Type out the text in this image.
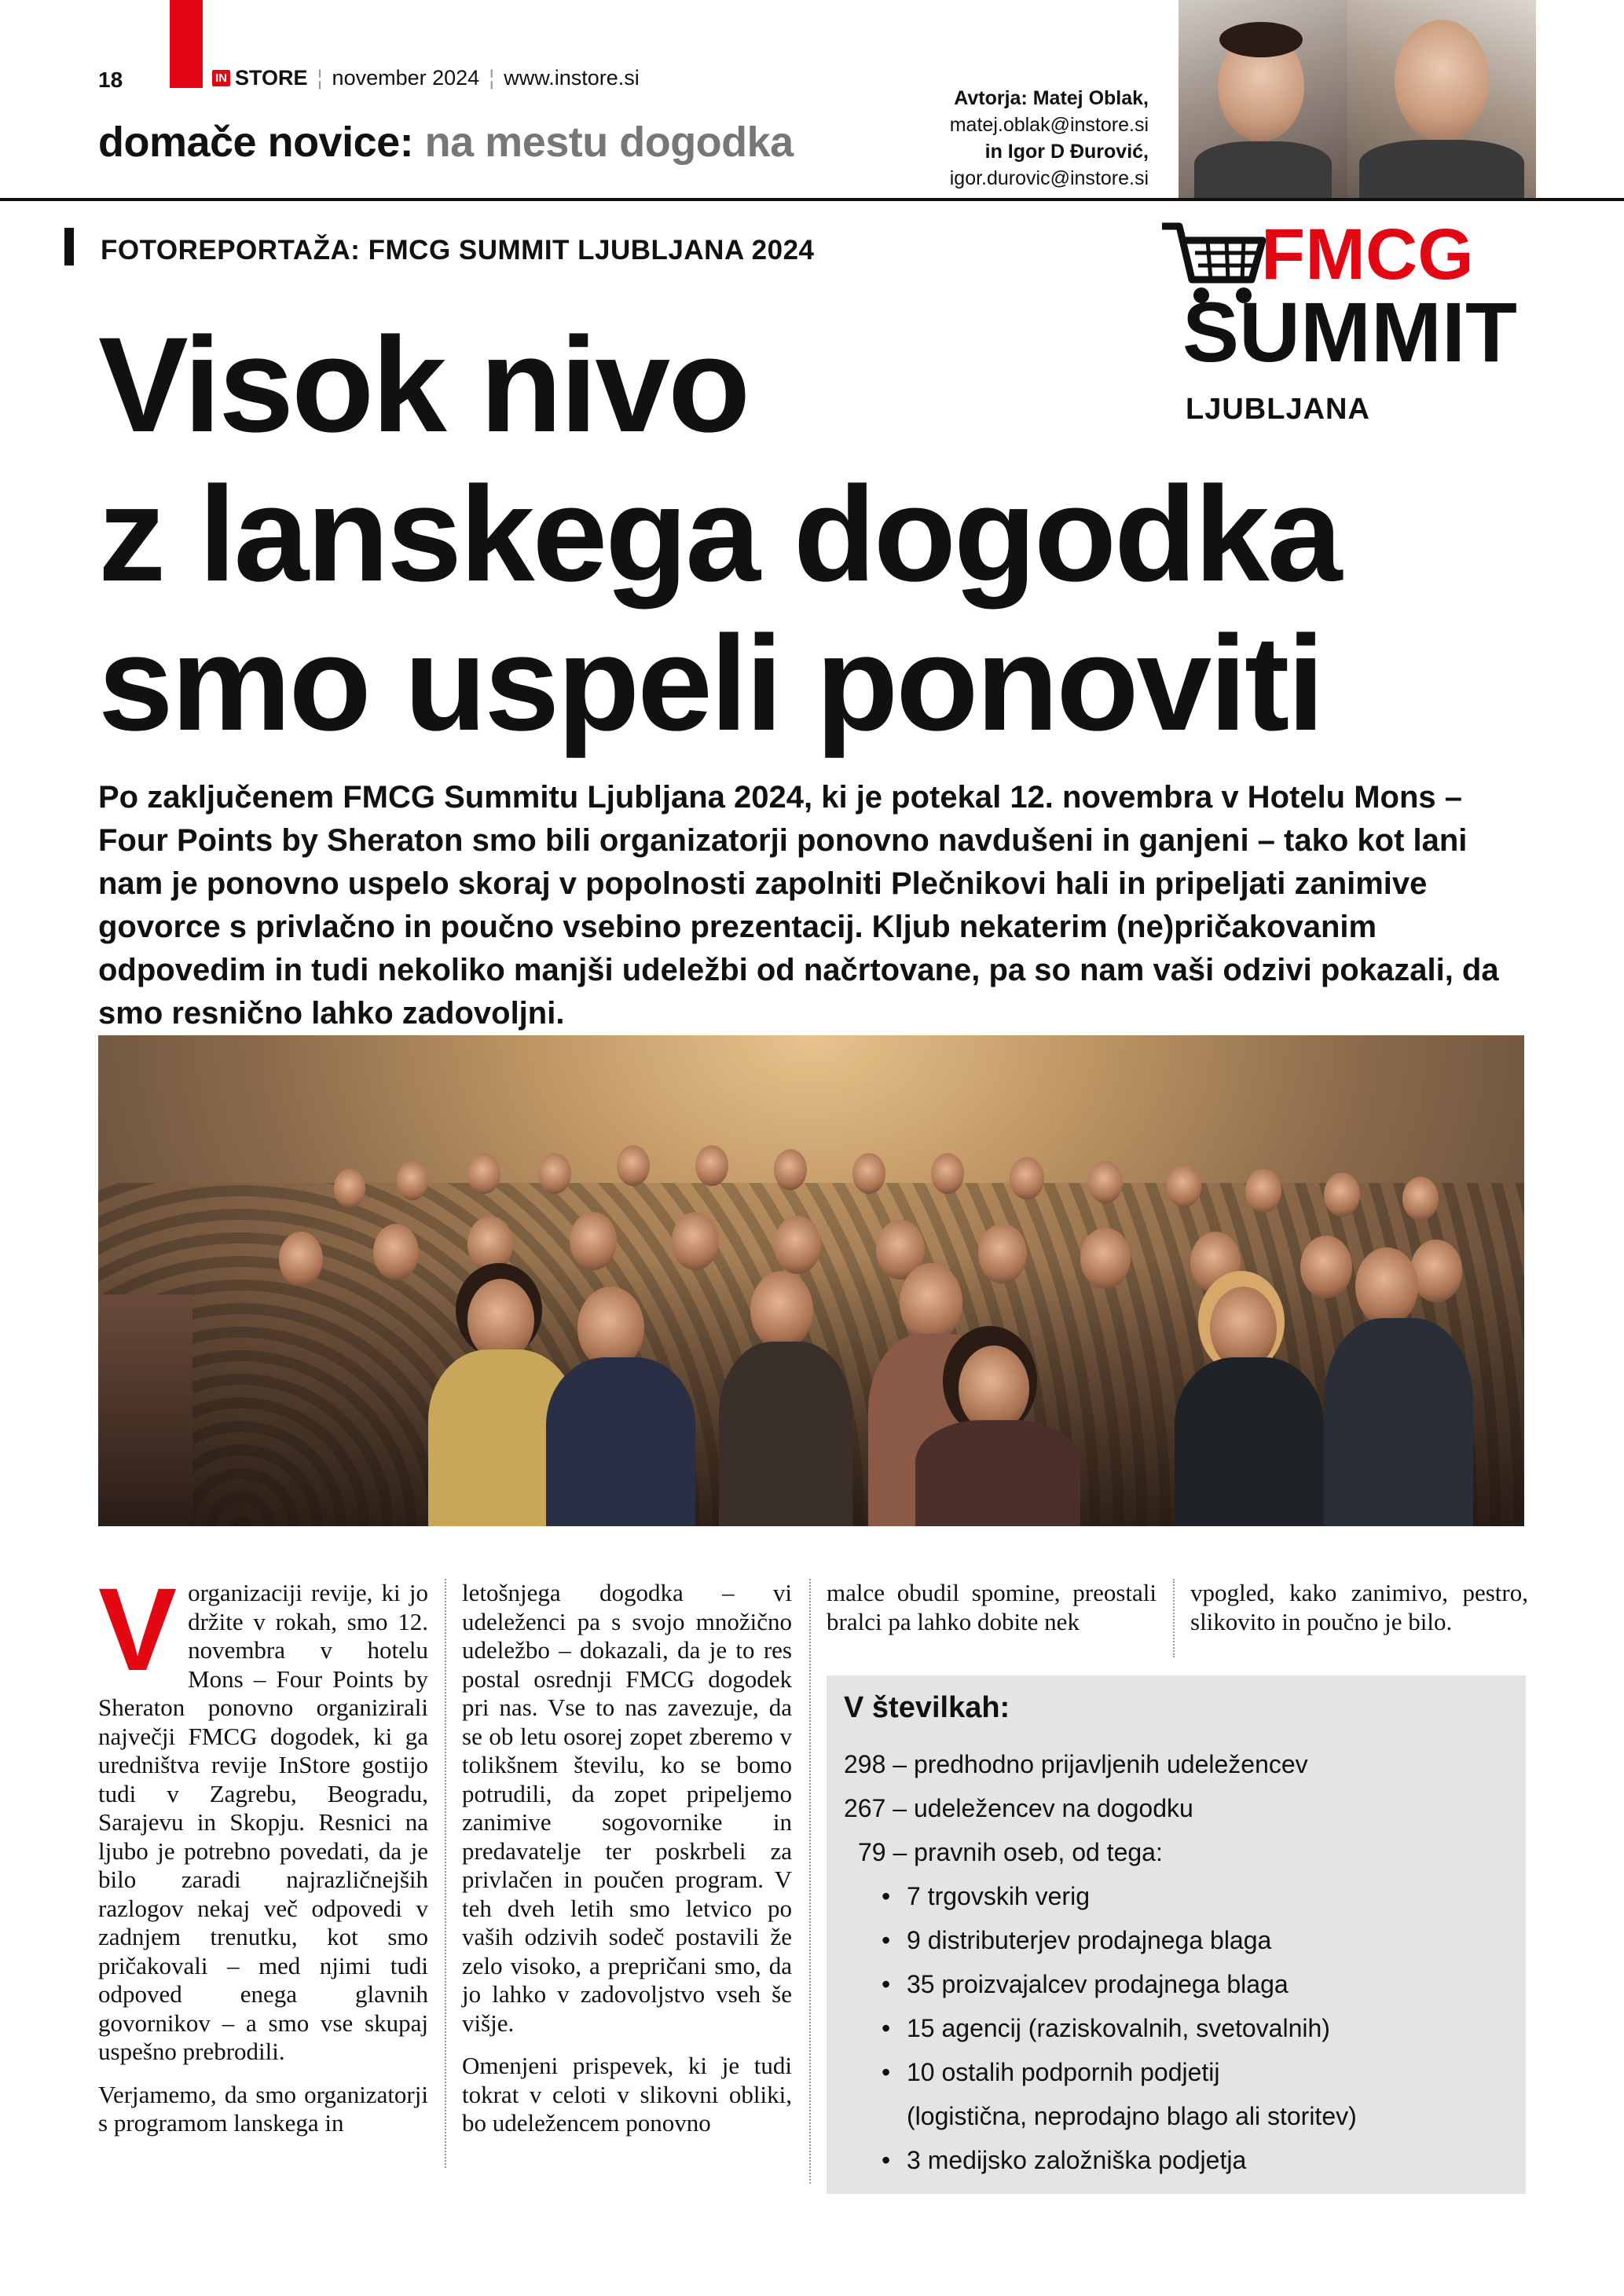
18	IN STORE ¦ november 2024 ¦ www.instore.si
domače novice: na mestu dogodka
Avtorja: Matej Oblak,
matej.oblak@instore.si
in Igor D Đurović,
igor.durovic@instore.si
FOTOREPORTAŽA: FMCG SUMMIT LJUBLJANA 2024
Visok nivo
z lanskega dogodka
smo uspeli ponoviti
FMCG
SUMMIT
LJUBLJANA
Po zaključenem FMCG Summitu Ljubljana 2024, ki je potekal 12. novembra v Hotelu Mons – Four Points by Sheraton smo bili organizatorji ponovno navdušeni in ganjeni – tako kot lani nam je ponovno uspelo skoraj v popolnosti zapolniti Plečnikovi hali in pripeljati zanimive govorce s privlačno in poučno vsebino prezentacij. Kljub nekaterim (ne)pričakovanim odpovedim in tudi nekoliko manjši udeležbi od načrtovane, pa so nam vaši odzivi pokazali, da smo resnično lahko zadovoljni.

Vorganizaciji revije, ki jo držite v rokah, smo 12. novembra v hotelu Mons – Four Points by Sheraton ponovno organizirali največji FMCG dogodek, ki ga uredništva revije InStore gostijo tudi v Zagrebu, Beogradu, Sarajevu in Skopju. Resnici na ljubo je potrebno povedati, da je bilo zaradi najrazličnejših razlogov nekaj več odpovedi v zadnjem trenutku, kot smo pričakovali – med njimi tudi odpoved enega glavnih govornikov – a smo vse skupaj uspešno prebrodili.

Verjamemo, da smo organizatorji s programom lanskega in

letošnjega dogodka – vi udeleženci pa s svojo množično udeležbo – dokazali, da je to res postal osrednji FMCG dogodek pri nas. Vse to nas zavezuje, da se ob letu osorej zopet zberemo v tolikšnem številu, ko se bomo potrudili, da zopet pripeljemo zanimive sogovornike in predavatelje ter poskrbeli za privlačen in poučen program. V teh dveh letih smo letvico po vaših odzivih sodeč postavili že zelo visoko, a prepričani smo, da jo lahko v zadovoljstvo vseh še višje.

Omenjeni prispevek, ki je tudi tokrat v celoti v slikovni obliki, bo udeležencem ponovno

malce obudil spomine, preostali bralci pa lahko dobite nek

vpogled, kako zanimivo, pestro, slikovito in poučno je bilo.

V številkah:
298 – predhodno prijavljenih udeležencev
267 – udeležencev na dogodku
79 – pravnih oseb, od tega:
• 7 trgovskih verig
• 9 distributerjev prodajnega blaga
• 35 proizvajalcev prodajnega blaga
• 15 agencij (raziskovalnih, svetovalnih)
• 10 ostalih podpornih podjetij
(logistična, neprodajno blago ali storitev)
• 3 medijsko založniška podjetja
